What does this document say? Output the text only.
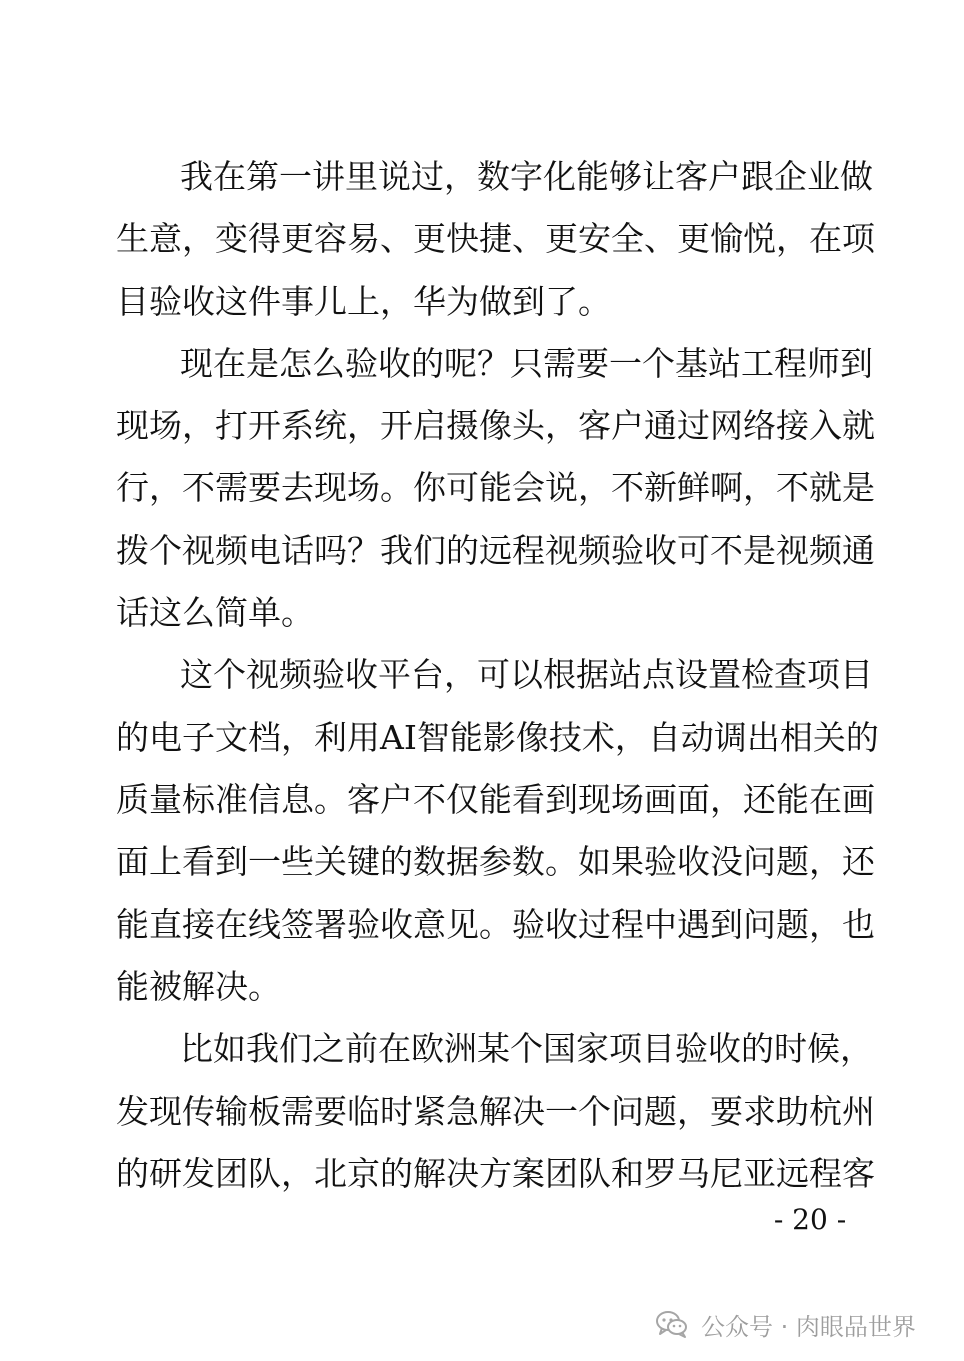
我在第一讲里说过，数字化能够让客户跟企业做
生意，变得更容易、更快捷、更安全、更愉悦，在项
目验收这件事儿上，华为做到了。
现在是怎么验收的呢？只需要一个基站工程师到
现场，打开系统，开启摄像头，客户通过网络接入就
行，不需要去现场。你可能会说，不新鲜啊，不就是
拨个视频电话吗？我们的远程视频验收可不是视频通
话这么简单。
这个视频验收平台，可以根据站点设置检查项目
的电子文档，利用AI智能影像技术，自动调出相关的
质量标准信息。客户不仅能看到现场画面，还能在画
面上看到一些关键的数据参数。如果验收没问题，还
能直接在线签署验收意见。验收过程中遇到问题，也
能被解决。
比如我们之前在欧洲某个国家项目验收的时候，
发现传输板需要临时紧急解决一个问题，要求助杭州
的研发团队，北京的解决方案团队和罗马尼亚远程客
- 20 -
公众号 · 肉眼品世界
